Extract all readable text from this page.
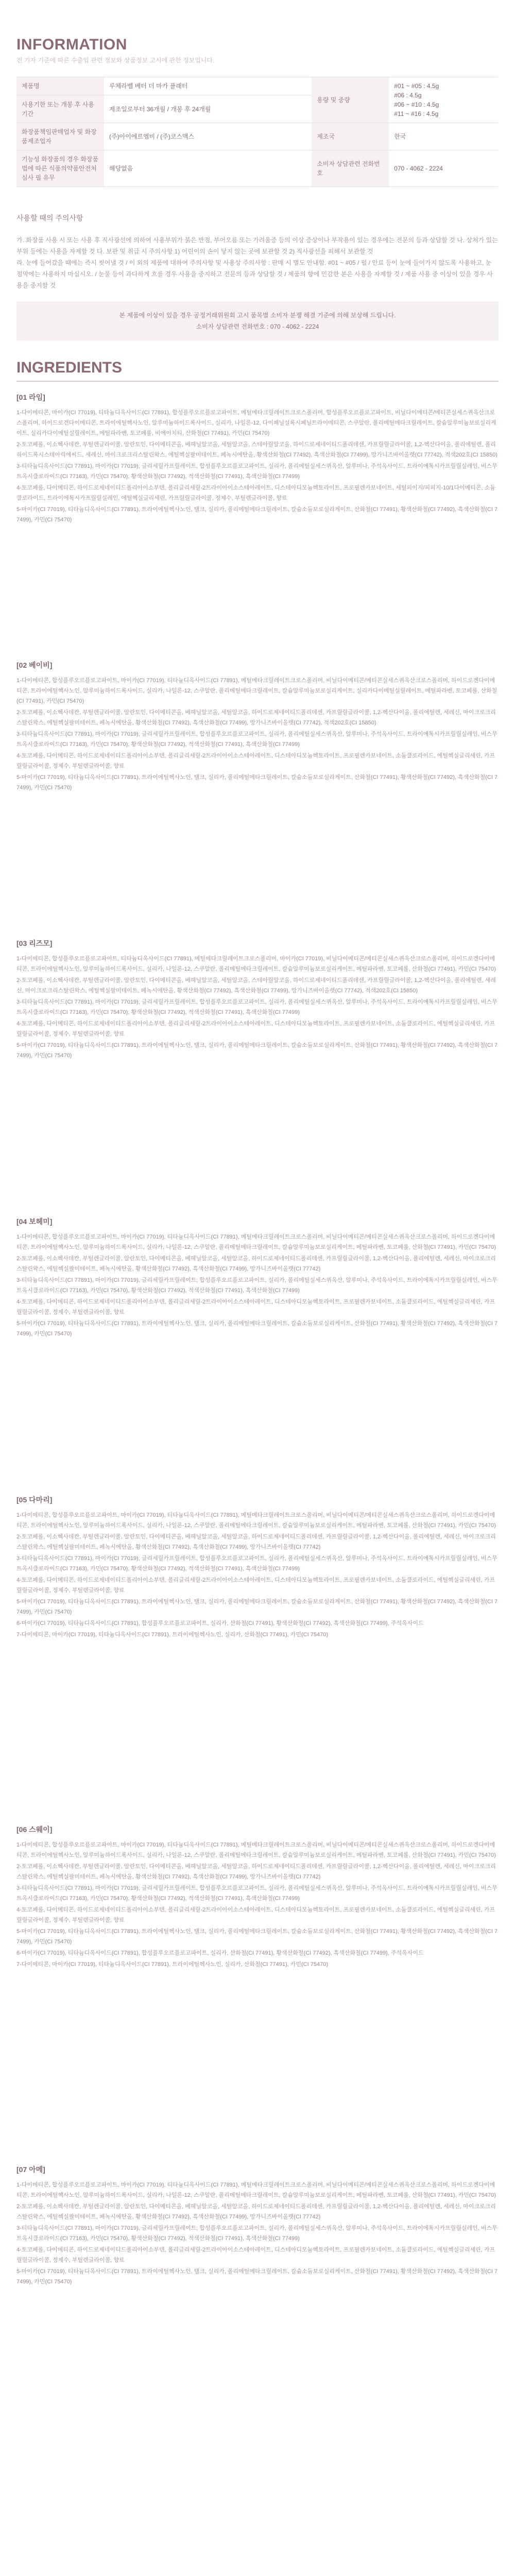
INFORMATION
전 기자 기준에 따른 수출입 관련 정보와 상품정보 고시에 관한 정보입니다.
제품명	루체라벨 베터 더 마카 플래터	용량 및 중량	#01 ~ #05 : 4.5g
#06 : 4.5g
#06 ~ #10 : 4.5g
#11 ~ #16 : 4.5g
사용기한 또는 개봉 후 사용기간	제조일로부터 36개월 / 개봉 후 24개월		
화장품책임판매업자 및 화장품제조업자	(주)아이에르엠비 / (주)코스맥스	제조국	한국
기능성 화장품의 경우 화장품법에 따른 식품의약품안전처 심사 필 유무	해당없음	소비자 상담관련 전화번호	070 - 4062 - 2224
사용할 때의 주의사항
가. 화장품 사용 시 또는 사용 후 직사광선에 의하여 사용부위가 붉은 반점, 부어오름 또는 가려움증 등의 이상 증상이나 부작용이 있는 경우에는 전문의 등과 상담할 것 나. 상처가 있는 부위 등에는 사용을 자제할 것 다. 보관 및 취급 시 주의사항 1) 어린이의 손이 닿지 않는 곳에 보관할 것 2) 직사광선을 피해서 보관할 것
라. 눈에 들어갔을 때에는 즉시 씻어낼 것 / 이 외의 제품에 대하여 주의사항 및 사용상 주의사항 : 판매 시 별도 안내함. #01 ~ #05 / 펄 / 안료 등이 눈에 들어가지 않도록 사용하고, 눈 점막에는 사용하지 마십시오. / 눈물 등이 과다하게 흐를 경우 사용을 중지하고 전문의 등과 상담할 것 / 제품의 향에 민감한 분은 사용을 자제할 것 / 제품 사용 중 이상이 있을 경우 사용을 중지할 것
본 제품에 이상이 있을 경우 공정거래위원회 고시 품목별 소비자 분쟁 해결 기준에 의해 보상해 드립니다.
소비자 상담관련 전화번호 : 070 - 4062 - 2224
INGREDIENTS
[01 라임]
1-다이메티콘, 마이카(CI 77019), 티타늄디옥사이드(CI 77891), 합성플루오르플로고파이트, 메틸메타크릴레이트크로스폴리머, 합성플루오르플로고파이트, 비닐다이메티콘/메티콘실세스퀴옥산크로스폴리머, 하이드로겐다이메티콘, 트라이에틸헥사노인, 알루미늄하이드록사이드, 실리카, 나일론-12, 다이페닐실록시페닐트라이메티콘, 스쿠알란, 폴리메틸메타크릴레이트, 칼슘알루미늄보로실리케이트, 실리카다이메틸실릴레이트, 메틸파라벤, 토코페롤, 비에이치티, 산화철(CI 77491), 카민(CI 75470)
2-토코페롤, 이소헥사데칸, 부틸렌글라이콜, 알란토인, 다이메티콘올, 베헤닐알코올, 세틸알코올, 스테아릴알코올, 하이드로제네이티드폴리데센, 카프릴릴글라이콜, 1,2-헥산다이올, 폴리에틸렌, 폴리하이드록시스테아릭애씨드, 세레신, 마이크로크리스탈린왁스, 에틸헥실팔미테이트, 페녹시에탄올, 황색산화철(CI 77492), 흑색산화철(CI 77499), 망가니즈바이올렛(CI 77742), 적색202호(CI 15850)
3-티타늄디옥사이드(CI 77891), 마이카(CI 77019), 글리세릴카프릴레이트, 합성플루오르플로고파이트, 실리카, 폴리메틸실세스퀴옥산, 알루미나, 주석옥사이드, 트라이에톡시카프릴릴실레인, 비스무트옥시클로라이드(CI 77163), 카민(CI 75470), 황색산화철(CI 77492), 적색산화철(CI 77491), 흑색산화철(CI 77499)
4-토코페롤, 다이메티콘, 하이드로제네이티드폴리아이소부텐, 폴리글리세릴-2트라이아이소스테아레이트, 디스테아디모늄헥토라이트, 프로필렌카보네이트, 세틸피이지/피피지-10/1다이메티콘, 소듐클로라이드, 트라이에톡시카프릴릴실레인, 에틸헥실글리세린, 카프릴릴글라이콜, 정제수, 부틸렌글라이콜, 향료
5-마이카(CI 77019), 티타늄디옥사이드(CI 77891), 트라이에틸헥사노인, 탤크, 실리카, 폴리메틸메타크릴레이트, 칼슘소듐보로실리케이트, 산화철(CI 77491), 황색산화철(CI 77492), 흑색산화철(CI 77499), 카민(CI 75470)
[02 베이비]
1-다이메티콘, 합성플루오르플로고파이트, 마이카(CI 77019), 티타늄디옥사이드(CI 77891), 메틸메타크릴레이트크로스폴리머, 비닐다이메티콘/메티콘실세스퀴옥산크로스폴리머, 하이드로겐다이메티콘, 트라이에틸헥사노인, 알루미늄하이드록사이드, 실리카, 나일론-12, 스쿠알란, 폴리메틸메타크릴레이트, 칼슘알루미늄보로실리케이트, 실리카다이메틸실릴레이트, 메틸파라벤, 토코페롤, 산화철(CI 77491), 카민(CI 75470)
2-토코페롤, 이소헥사데칸, 부틸렌글라이콜, 알란토인, 다이메티콘올, 베헤닐알코올, 세틸알코올, 하이드로제네이티드폴리데센, 카프릴릴글라이콜, 1,2-헥산다이올, 폴리에틸렌, 세레신, 마이크로크리스탈린왁스, 에틸헥실팔미테이트, 페녹시에탄올, 황색산화철(CI 77492), 흑색산화철(CI 77499), 망가니즈바이올렛(CI 77742), 적색202호(CI 15850)
3-티타늄디옥사이드(CI 77891), 마이카(CI 77019), 글리세릴카프릴레이트, 합성플루오르플로고파이트, 실리카, 폴리메틸실세스퀴옥산, 알루미나, 주석옥사이드, 트라이에톡시카프릴릴실레인, 비스무트옥시클로라이드(CI 77163), 카민(CI 75470), 황색산화철(CI 77492), 적색산화철(CI 77491), 흑색산화철(CI 77499)
4-토코페롤, 다이메티콘, 하이드로제네이티드폴리아이소부텐, 폴리글리세릴-2트라이아이소스테아레이트, 디스테아디모늄헥토라이트, 프로필렌카보네이트, 소듐클로라이드, 에틸헥실글리세린, 카프릴릴글라이콜, 정제수, 부틸렌글라이콜, 향료
5-마이카(CI 77019), 티타늄디옥사이드(CI 77891), 트라이에틸헥사노인, 탤크, 실리카, 폴리메틸메타크릴레이트, 칼슘소듐보로실리케이트, 산화철(CI 77491), 황색산화철(CI 77492), 흑색산화철(CI 77499), 카민(CI 75470)
[03 리즈모]
1-다이메티콘, 합성플루오르플로고파이트, 티타늄디옥사이드(CI 77891), 메틸메타크릴레이트크로스폴리머, 마이카(CI 77019), 비닐다이메티콘/메티콘실세스퀴옥산크로스폴리머, 하이드로겐다이메티콘, 트라이에틸헥사노인, 알루미늄하이드록사이드, 실리카, 나일론-12, 스쿠알란, 폴리메틸메타크릴레이트, 칼슘알루미늄보로실리케이트, 메틸파라벤, 토코페롤, 산화철(CI 77491), 카민(CI 75470)
2-토코페롤, 이소헥사데칸, 부틸렌글라이콜, 알란토인, 다이메티콘올, 베헤닐알코올, 세틸알코올, 스테아릴알코올, 하이드로제네이티드폴리데센, 카프릴릴글라이콜, 1,2-헥산다이올, 폴리에틸렌, 세레신, 마이크로크리스탈린왁스, 에틸헥실팔미테이트, 페녹시에탄올, 황색산화철(CI 77492), 흑색산화철(CI 77499), 망가니즈바이올렛(CI 77742), 적색202호(CI 15850)
3-티타늄디옥사이드(CI 77891), 마이카(CI 77019), 글리세릴카프릴레이트, 합성플루오르플로고파이트, 실리카, 폴리메틸실세스퀴옥산, 알루미나, 주석옥사이드, 트라이에톡시카프릴릴실레인, 비스무트옥시클로라이드(CI 77163), 카민(CI 75470), 황색산화철(CI 77492), 적색산화철(CI 77491), 흑색산화철(CI 77499)
4-토코페롤, 다이메티콘, 하이드로제네이티드폴리아이소부텐, 폴리글리세릴-2트라이아이소스테아레이트, 디스테아디모늄헥토라이트, 프로필렌카보네이트, 소듐클로라이드, 에틸헥실글리세린, 카프릴릴글라이콜, 정제수, 부틸렌글라이콜, 향료
5-마이카(CI 77019), 티타늄디옥사이드(CI 77891), 트라이에틸헥사노인, 탤크, 실리카, 폴리메틸메타크릴레이트, 칼슘소듐보로실리케이트, 산화철(CI 77491), 황색산화철(CI 77492), 흑색산화철(CI 77499), 카민(CI 75470)
[04 보헤미]
1-다이메티콘, 합성플루오르플로고파이트, 마이카(CI 77019), 티타늄디옥사이드(CI 77891), 메틸메타크릴레이트크로스폴리머, 비닐다이메티콘/메티콘실세스퀴옥산크로스폴리머, 하이드로겐다이메티콘, 트라이에틸헥사노인, 알루미늄하이드록사이드, 실리카, 나일론-12, 스쿠알란, 폴리메틸메타크릴레이트, 칼슘알루미늄보로실리케이트, 메틸파라벤, 토코페롤, 산화철(CI 77491), 카민(CI 75470)
2-토코페롤, 이소헥사데칸, 부틸렌글라이콜, 알란토인, 다이메티콘올, 베헤닐알코올, 세틸알코올, 하이드로제네이티드폴리데센, 카프릴릴글라이콜, 1,2-헥산다이올, 폴리에틸렌, 세레신, 마이크로크리스탈린왁스, 에틸헥실팔미테이트, 페녹시에탄올, 황색산화철(CI 77492), 흑색산화철(CI 77499), 망가니즈바이올렛(CI 77742)
3-티타늄디옥사이드(CI 77891), 마이카(CI 77019), 글리세릴카프릴레이트, 합성플루오르플로고파이트, 실리카, 폴리메틸실세스퀴옥산, 알루미나, 주석옥사이드, 트라이에톡시카프릴릴실레인, 비스무트옥시클로라이드(CI 77163), 카민(CI 75470), 황색산화철(CI 77492), 적색산화철(CI 77491), 흑색산화철(CI 77499)
4-토코페롤, 다이메티콘, 하이드로제네이티드폴리아이소부텐, 폴리글리세릴-2트라이아이소스테아레이트, 디스테아디모늄헥토라이트, 프로필렌카보네이트, 소듐클로라이드, 에틸헥실글리세린, 카프릴릴글라이콜, 정제수, 부틸렌글라이콜, 향료
5-마이카(CI 77019), 티타늄디옥사이드(CI 77891), 트라이에틸헥사노인, 탤크, 실리카, 폴리메틸메타크릴레이트, 칼슘소듐보로실리케이트, 산화철(CI 77491), 황색산화철(CI 77492), 흑색산화철(CI 77499), 카민(CI 75470)
[05 다마리]
1-다이메티콘, 합성플루오르플로고파이트, 마이카(CI 77019), 티타늄디옥사이드(CI 77891), 메틸메타크릴레이트크로스폴리머, 비닐다이메티콘/메티콘실세스퀴옥산크로스폴리머, 하이드로겐다이메티콘, 트라이에틸헥사노인, 알루미늄하이드록사이드, 실리카, 나일론-12, 스쿠알란, 폴리메틸메타크릴레이트, 칼슘알루미늄보로실리케이트, 메틸파라벤, 토코페롤, 산화철(CI 77491), 카민(CI 75470)
2-토코페롤, 이소헥사데칸, 부틸렌글라이콜, 알란토인, 다이메티콘올, 베헤닐알코올, 세틸알코올, 하이드로제네이티드폴리데센, 카프릴릴글라이콜, 1,2-헥산다이올, 폴리에틸렌, 세레신, 마이크로크리스탈린왁스, 에틸헥실팔미테이트, 페녹시에탄올, 황색산화철(CI 77492), 흑색산화철(CI 77499), 망가니즈바이올렛(CI 77742)
3-티타늄디옥사이드(CI 77891), 마이카(CI 77019), 글리세릴카프릴레이트, 합성플루오르플로고파이트, 실리카, 폴리메틸실세스퀴옥산, 알루미나, 주석옥사이드, 트라이에톡시카프릴릴실레인, 비스무트옥시클로라이드(CI 77163), 카민(CI 75470), 황색산화철(CI 77492), 적색산화철(CI 77491), 흑색산화철(CI 77499)
4-토코페롤, 다이메티콘, 하이드로제네이티드폴리아이소부텐, 폴리글리세릴-2트라이아이소스테아레이트, 디스테아디모늄헥토라이트, 프로필렌카보네이트, 소듐클로라이드, 에틸헥실글리세린, 카프릴릴글라이콜, 정제수, 부틸렌글라이콜, 향료
5-마이카(CI 77019), 티타늄디옥사이드(CI 77891), 트라이에틸헥사노인, 탤크, 실리카, 폴리메틸메타크릴레이트, 칼슘소듐보로실리케이트, 산화철(CI 77491), 황색산화철(CI 77492), 흑색산화철(CI 77499), 카민(CI 75470)
6-마이카(CI 77019), 티타늄디옥사이드(CI 77891), 합성플루오르플로고파이트, 실리카, 산화철(CI 77491), 황색산화철(CI 77492), 흑색산화철(CI 77499), 주석옥사이드
7-다이메티콘, 마이카(CI 77019), 티타늄디옥사이드(CI 77891), 트라이에틸헥사노인, 실리카, 산화철(CI 77491), 카민(CI 75470)
[06 스웨이]
1-다이메티콘, 합성플루오르플로고파이트, 마이카(CI 77019), 티타늄디옥사이드(CI 77891), 메틸메타크릴레이트크로스폴리머, 비닐다이메티콘/메티콘실세스퀴옥산크로스폴리머, 하이드로겐다이메티콘, 트라이에틸헥사노인, 알루미늄하이드록사이드, 실리카, 나일론-12, 스쿠알란, 폴리메틸메타크릴레이트, 칼슘알루미늄보로실리케이트, 메틸파라벤, 토코페롤, 산화철(CI 77491), 카민(CI 75470)
2-토코페롤, 이소헥사데칸, 부틸렌글라이콜, 알란토인, 다이메티콘올, 베헤닐알코올, 세틸알코올, 하이드로제네이티드폴리데센, 카프릴릴글라이콜, 1,2-헥산다이올, 폴리에틸렌, 세레신, 마이크로크리스탈린왁스, 에틸헥실팔미테이트, 페녹시에탄올, 황색산화철(CI 77492), 흑색산화철(CI 77499), 망가니즈바이올렛(CI 77742)
3-티타늄디옥사이드(CI 77891), 마이카(CI 77019), 글리세릴카프릴레이트, 합성플루오르플로고파이트, 실리카, 폴리메틸실세스퀴옥산, 알루미나, 주석옥사이드, 트라이에톡시카프릴릴실레인, 비스무트옥시클로라이드(CI 77163), 카민(CI 75470), 황색산화철(CI 77492), 적색산화철(CI 77491), 흑색산화철(CI 77499)
4-토코페롤, 다이메티콘, 하이드로제네이티드폴리아이소부텐, 폴리글리세릴-2트라이아이소스테아레이트, 디스테아디모늄헥토라이트, 프로필렌카보네이트, 소듐클로라이드, 에틸헥실글리세린, 카프릴릴글라이콜, 정제수, 부틸렌글라이콜, 향료
5-마이카(CI 77019), 티타늄디옥사이드(CI 77891), 트라이에틸헥사노인, 탤크, 실리카, 폴리메틸메타크릴레이트, 칼슘소듐보로실리케이트, 산화철(CI 77491), 황색산화철(CI 77492), 흑색산화철(CI 77499), 카민(CI 75470)
6-마이카(CI 77019), 티타늄디옥사이드(CI 77891), 합성플루오르플로고파이트, 실리카, 산화철(CI 77491), 황색산화철(CI 77492), 흑색산화철(CI 77499), 주석옥사이드
7-다이메티콘, 마이카(CI 77019), 티타늄디옥사이드(CI 77891), 트라이에틸헥사노인, 실리카, 산화철(CI 77491), 카민(CI 75470)
[07 아메]
1-다이메티콘, 합성플루오르플로고파이트, 마이카(CI 77019), 티타늄디옥사이드(CI 77891), 메틸메타크릴레이트크로스폴리머, 비닐다이메티콘/메티콘실세스퀴옥산크로스폴리머, 하이드로겐다이메티콘, 트라이에틸헥사노인, 알루미늄하이드록사이드, 실리카, 나일론-12, 스쿠알란, 폴리메틸메타크릴레이트, 칼슘알루미늄보로실리케이트, 메틸파라벤, 토코페롤, 산화철(CI 77491), 카민(CI 75470)
2-토코페롤, 이소헥사데칸, 부틸렌글라이콜, 알란토인, 다이메티콘올, 베헤닐알코올, 세틸알코올, 하이드로제네이티드폴리데센, 카프릴릴글라이콜, 1,2-헥산다이올, 폴리에틸렌, 세레신, 마이크로크리스탈린왁스, 에틸헥실팔미테이트, 페녹시에탄올, 황색산화철(CI 77492), 흑색산화철(CI 77499), 망가니즈바이올렛(CI 77742)
3-티타늄디옥사이드(CI 77891), 마이카(CI 77019), 글리세릴카프릴레이트, 합성플루오르플로고파이트, 실리카, 폴리메틸실세스퀴옥산, 알루미나, 주석옥사이드, 트라이에톡시카프릴릴실레인, 비스무트옥시클로라이드(CI 77163), 카민(CI 75470), 황색산화철(CI 77492), 적색산화철(CI 77491), 흑색산화철(CI 77499)
4-토코페롤, 다이메티콘, 하이드로제네이티드폴리아이소부텐, 폴리글리세릴-2트라이아이소스테아레이트, 디스테아디모늄헥토라이트, 프로필렌카보네이트, 소듐클로라이드, 에틸헥실글리세린, 카프릴릴글라이콜, 정제수, 부틸렌글라이콜, 향료
5-마이카(CI 77019), 티타늄디옥사이드(CI 77891), 트라이에틸헥사노인, 탤크, 실리카, 폴리메틸메타크릴레이트, 칼슘소듐보로실리케이트, 산화철(CI 77491), 황색산화철(CI 77492), 흑색산화철(CI 77499), 카민(CI 75470)
